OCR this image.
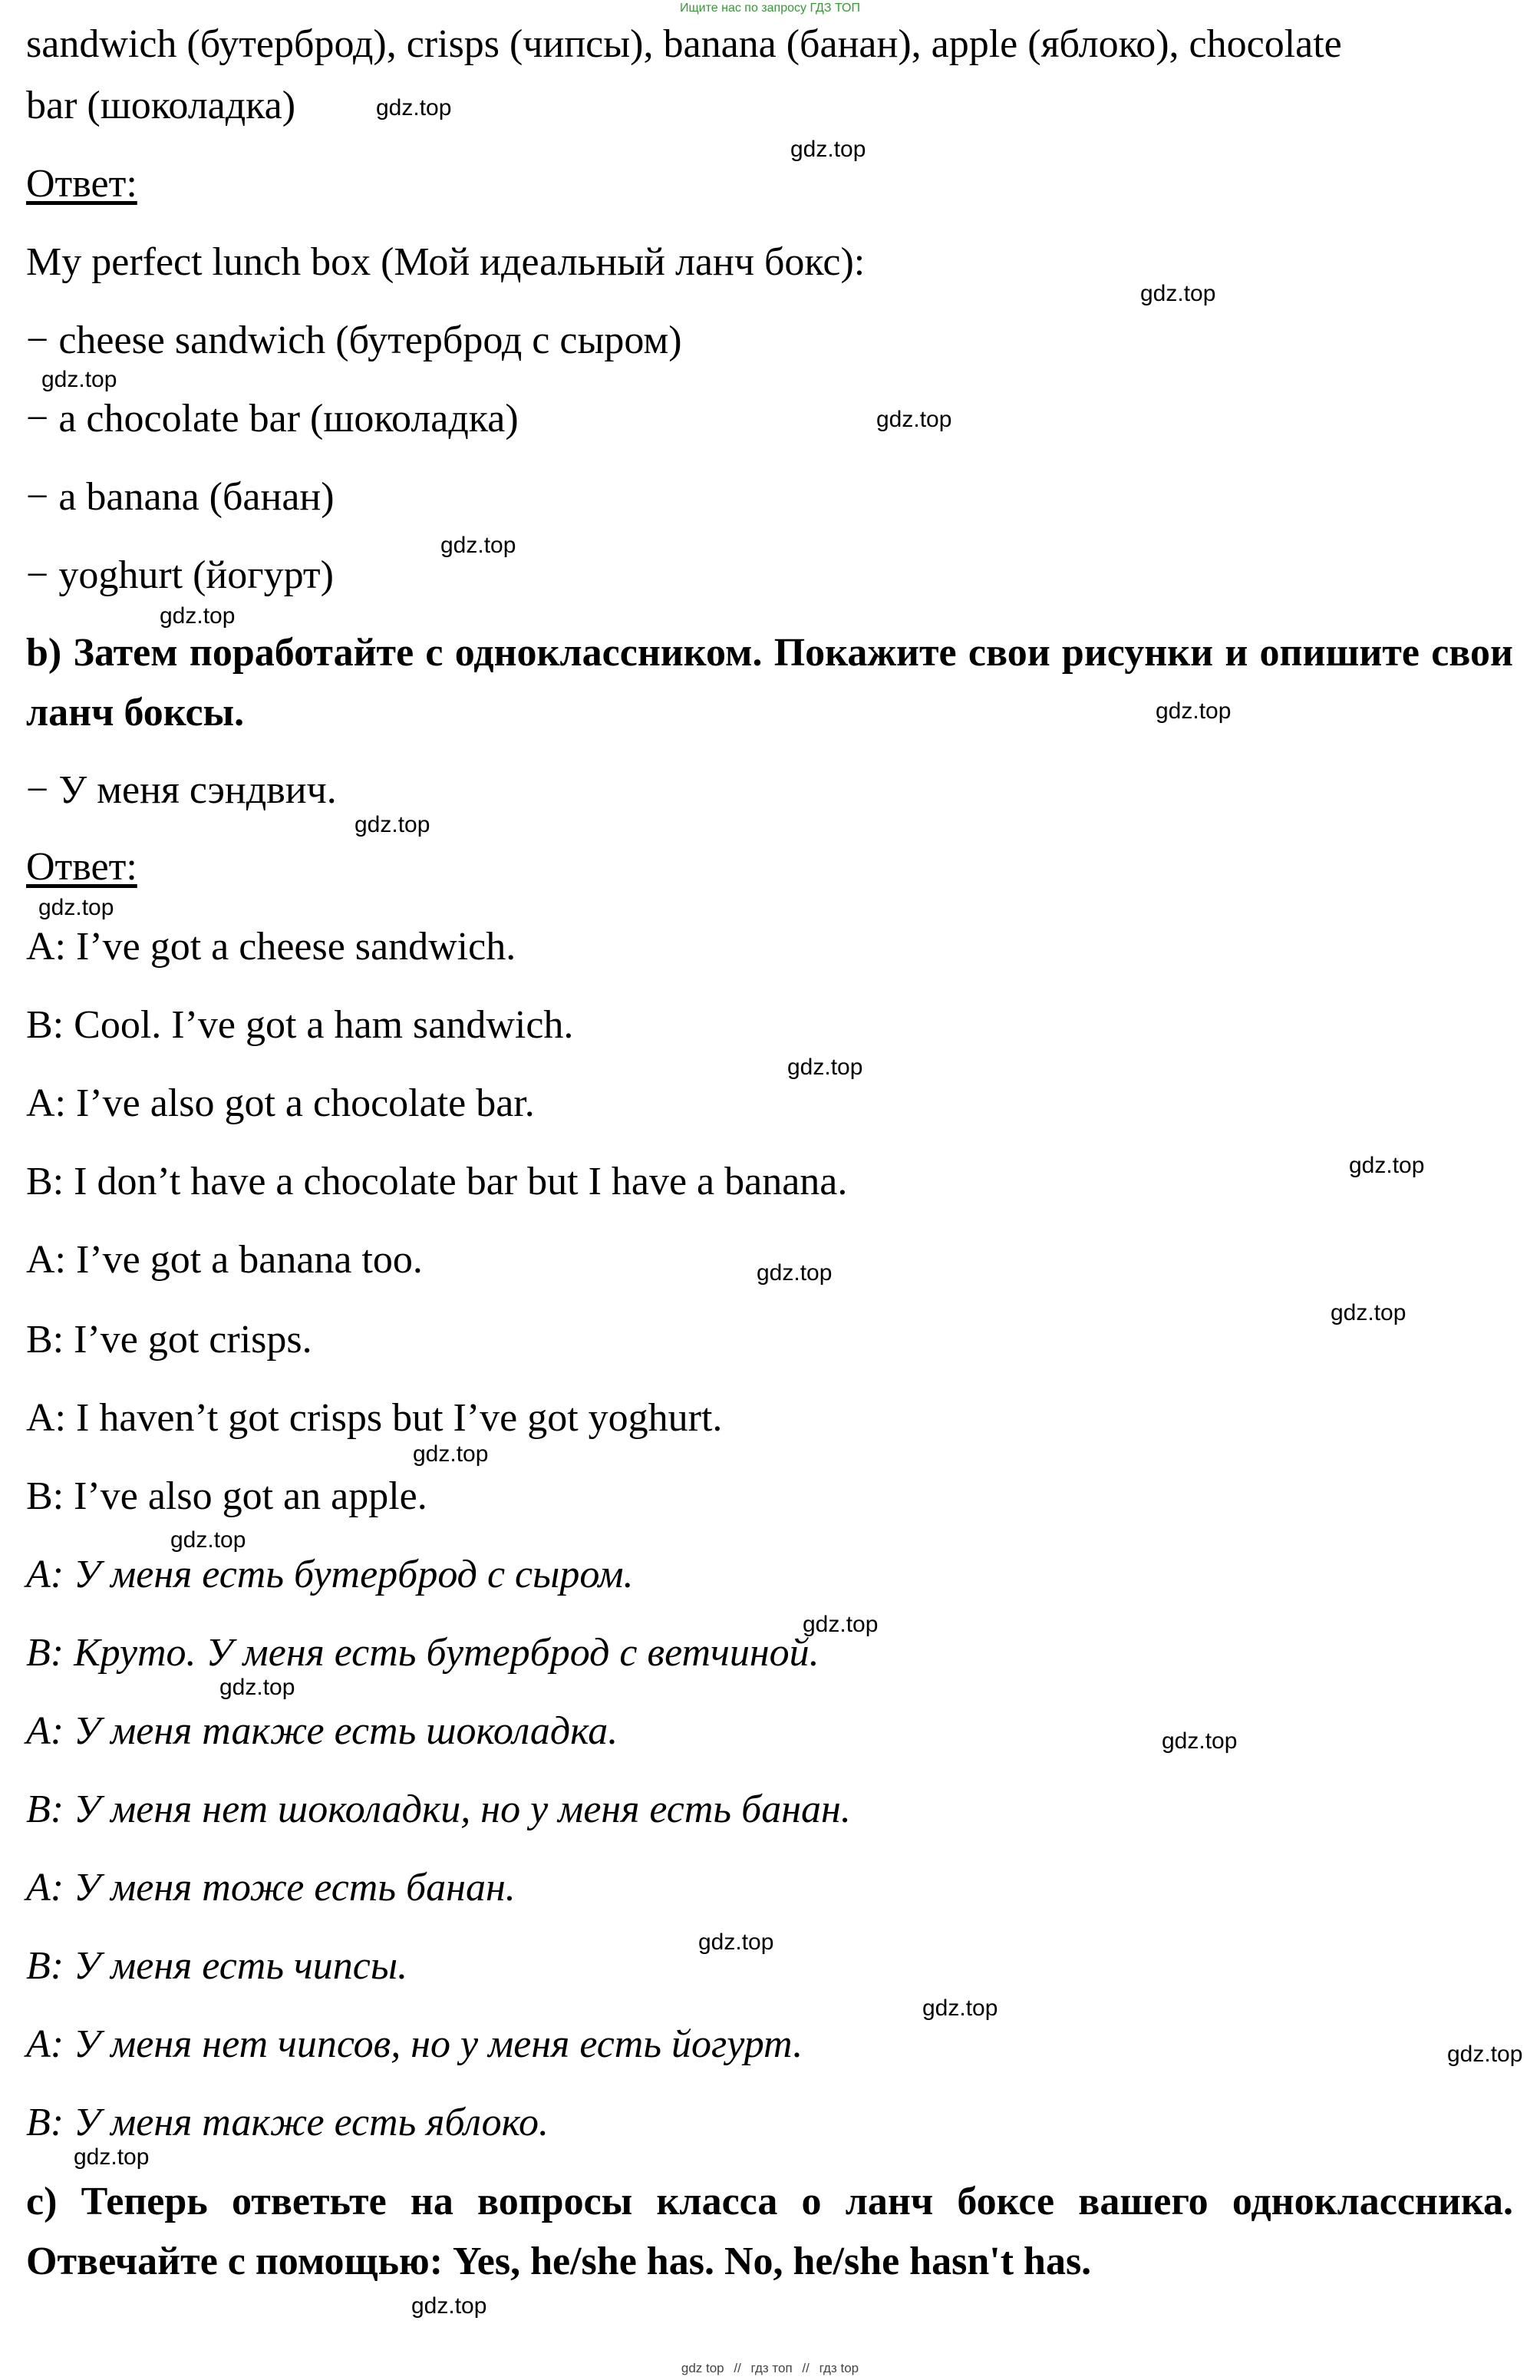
Ищите нас по запросу ГДЗ ТОП
sandwich (бутерброд), crisps (чипсы), banana (банан), apple (яблоко), chocolate
bar (шоколадка)
Ответ:
My perfect lunch box (Мой идеальный ланч бокс):
− cheese sandwich (бутерброд с сыром)
− a chocolate bar (шоколадка)
− a banana (банан)
− yoghurt (йогурт)
b) Затем поработайте с одноклассником. Покажите свои рисунки и опишите свои ланч боксы.
− У меня сэндвич.
Ответ:
A: I’ve got a cheese sandwich.
B: Cool. I’ve got a ham sandwich.
A: I’ve also got a chocolate bar.
B: I don’t have a chocolate bar but I have a banana.
A: I’ve got a banana too.
B: I’ve got crisps.
A: I haven’t got crisps but I’ve got yoghurt.
B: I’ve also got an apple.
A: У меня есть бутерброд с сыром.
B: Круто. У меня есть бутерброд с ветчиной.
A: У меня также есть шоколадка.
B: У меня нет шоколадки, но у меня есть банан.
A: У меня тоже есть банан.
B: У меня есть чипсы.
A: У меня нет чипсов, но у меня есть йогурт.
B: У меня также есть яблоко.
c) Теперь ответьте на вопросы класса о ланч боксе вашего одноклассника. Отвечайте с помощью: Yes, he/she has. No, he/she hasn't has.
gdz.top
gdz.top
gdz.top
gdz.top
gdz.top
gdz.top
gdz.top
gdz.top
gdz.top
gdz.top
gdz.top
gdz.top
gdz.top
gdz.top
gdz.top
gdz.top
gdz.top
gdz.top
gdz.top
gdz.top
gdz.top
gdz.top
gdz.top
gdz.top
gdz top // гдз топ // гдз top
